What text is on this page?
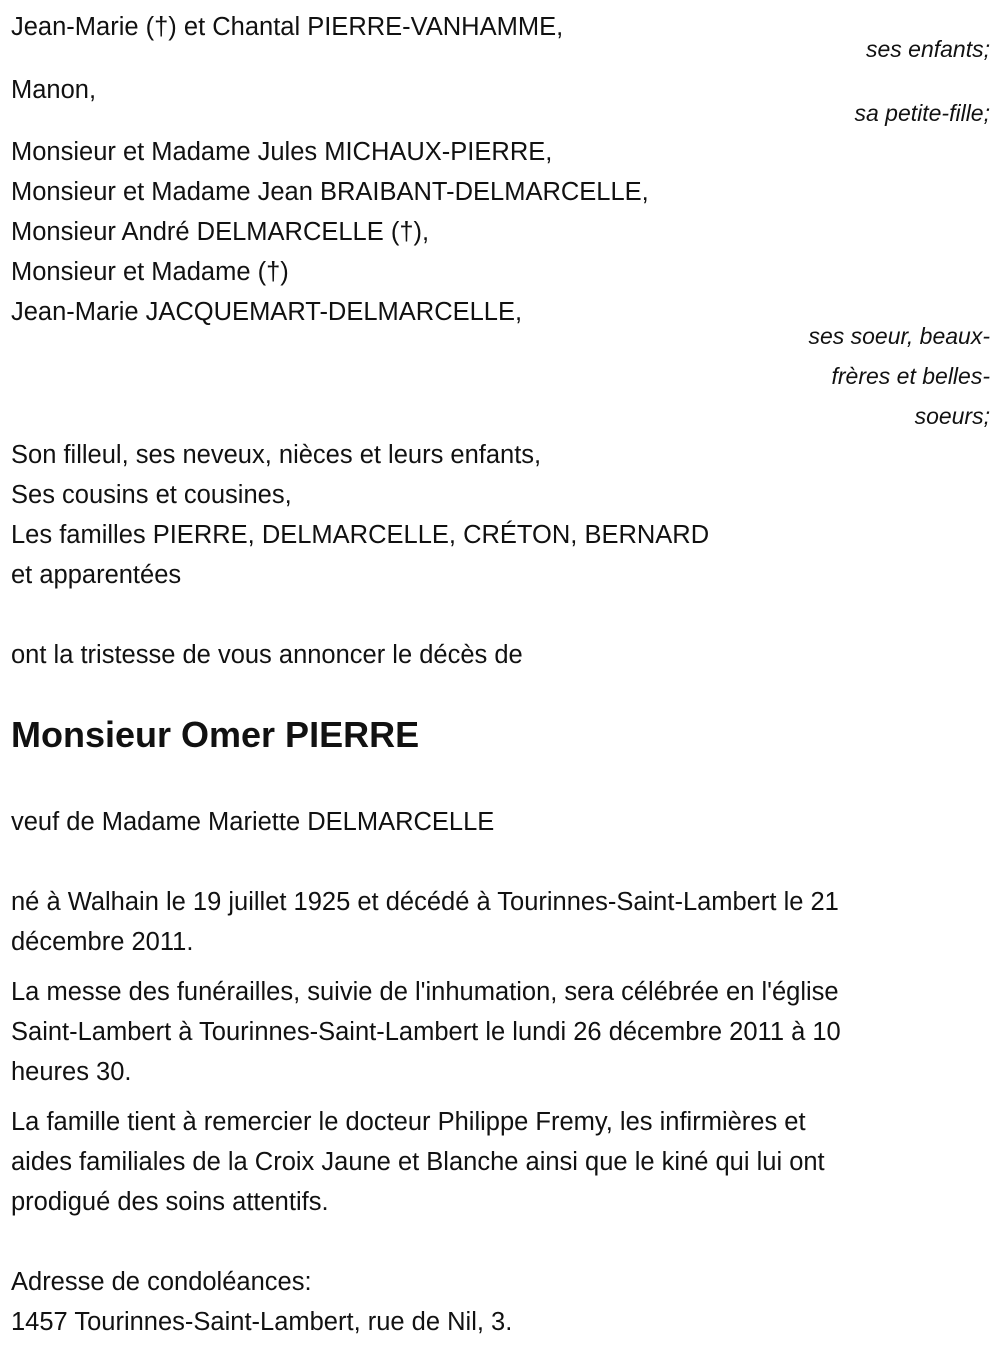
Jean-Marie (†) et Chantal PIERRE-VANHAMME,
ses enfants;
Manon,
sa petite-fille;
Monsieur et Madame Jules MICHAUX-PIERRE,
Monsieur et Madame Jean BRAIBANT-DELMARCELLE,
Monsieur André DELMARCELLE (†),
Monsieur et Madame (†)
Jean-Marie JACQUEMART-DELMARCELLE,
ses soeur, beaux-
frères et belles-
soeurs;
Son filleul, ses neveux, nièces et leurs enfants,
Ses cousins et cousines,
Les familles PIERRE, DELMARCELLE, CRÉTON, BERNARD
et apparentées
ont la tristesse de vous annoncer le décès de
Monsieur Omer PIERRE
veuf de Madame Mariette DELMARCELLE
né à Walhain le 19 juillet 1925 et décédé à Tourinnes-Saint-Lambert le 21
décembre 2011.
La messe des funérailles, suivie de l'inhumation, sera célébrée en l'église
Saint-Lambert à Tourinnes-Saint-Lambert le lundi 26 décembre 2011 à 10
heures 30.
La famille tient à remercier le docteur Philippe Fremy, les infirmières et
aides familiales de la Croix Jaune et Blanche ainsi que le kiné qui lui ont
prodigué des soins attentifs.
Adresse de condoléances:
1457 Tourinnes-Saint-Lambert, rue de Nil, 3.
